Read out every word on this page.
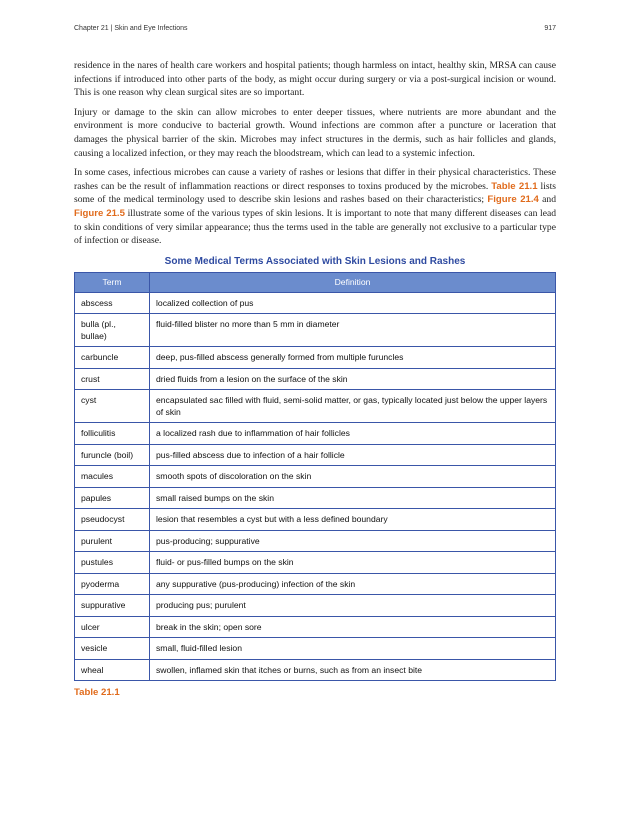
Chapter 21 | Skin and Eye Infections	917

residence in the nares of health care workers and hospital patients; though harmless on intact, healthy skin, MRSA can cause infections if introduced into other parts of the body, as might occur during surgery or via a post-surgical incision or wound. This is one reason why clean surgical sites are so important.

Injury or damage to the skin can allow microbes to enter deeper tissues, where nutrients are more abundant and the environment is more conducive to bacterial growth. Wound infections are common after a puncture or laceration that damages the physical barrier of the skin. Microbes may infect structures in the dermis, such as hair follicles and glands, causing a localized infection, or they may reach the bloodstream, which can lead to a systemic infection.

In some cases, infectious microbes can cause a variety of rashes or lesions that differ in their physical characteristics. These rashes can be the result of inflammation reactions or direct responses to toxins produced by the microbes. Table 21.1 lists some of the medical terminology used to describe skin lesions and rashes based on their characteristics; Figure 21.4 and Figure 21.5 illustrate some of the various types of skin lesions. It is important to note that many different diseases can lead to skin conditions of very similar appearance; thus the terms used in the table are generally not exclusive to a particular type of infection or disease.

Some Medical Terms Associated with Skin Lesions and Rashes
Term	Definition
abscess	localized collection of pus
bulla (pl., bullae)	fluid-filled blister no more than 5 mm in diameter
carbuncle	deep, pus-filled abscess generally formed from multiple furuncles
crust	dried fluids from a lesion on the surface of the skin
cyst	encapsulated sac filled with fluid, semi-solid matter, or gas, typically located just below the upper layers of skin
folliculitis	a localized rash due to inflammation of hair follicles
furuncle (boil)	pus-filled abscess due to infection of a hair follicle
macules	smooth spots of discoloration on the skin
papules	small raised bumps on the skin
pseudocyst	lesion that resembles a cyst but with a less defined boundary
purulent	pus-producing; suppurative
pustules	fluid- or pus-filled bumps on the skin
pyoderma	any suppurative (pus-producing) infection of the skin
suppurative	producing pus; purulent
ulcer	break in the skin; open sore
vesicle	small, fluid-filled lesion
wheal	swollen, inflamed skin that itches or burns, such as from an insect bite
Table 21.1
